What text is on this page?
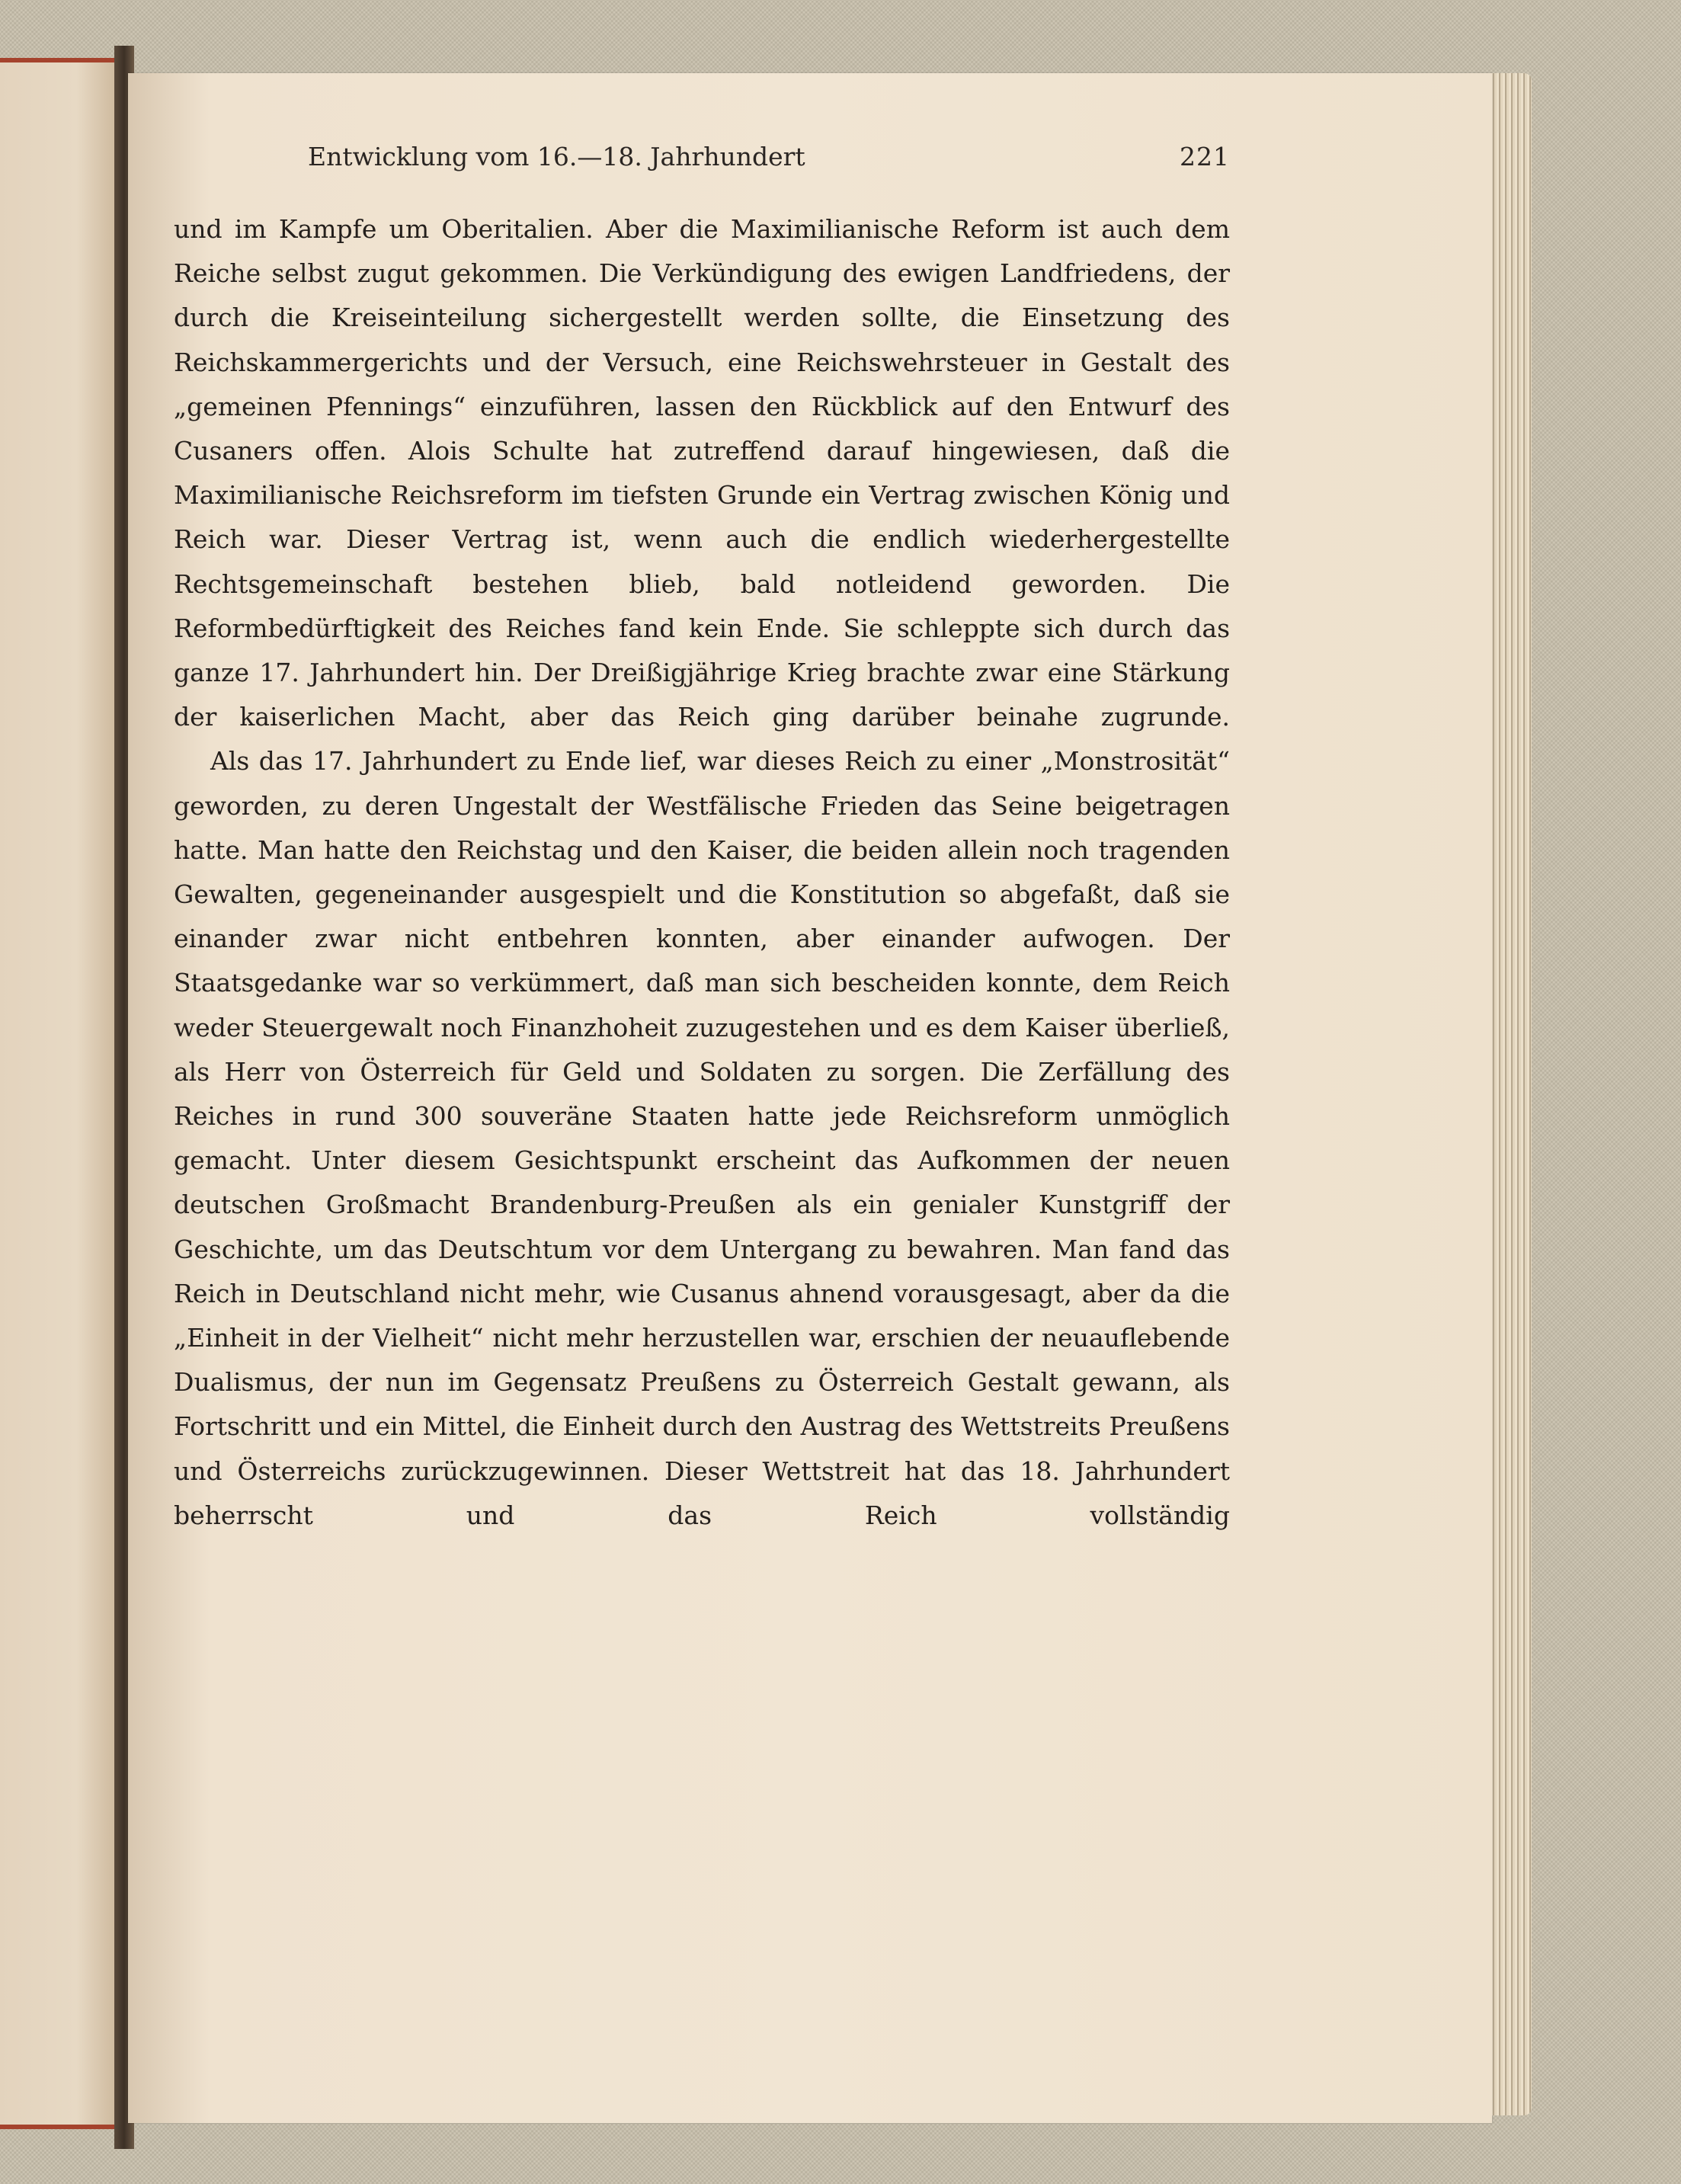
Entwicklung vom 16.—18. Jahrhundert	221

und im Kampfe um Oberitalien. Aber die Maximilianische Reform ist auch dem Reiche selbst zugut gekommen. Die Verkündigung des ewigen Landfriedens, der durch die Kreiseinteilung sichergestellt werden sollte, die Einsetzung des Reichskammergerichts und der Versuch, eine Reichswehrsteuer in Gestalt des „gemeinen Pfennings“ einzuführen, lassen den Rückblick auf den Entwurf des Cusaners offen. Alois Schulte hat zutreffend darauf hingewiesen, daß die Maximilianische Reichsreform im tiefsten Grunde ein Vertrag zwischen König und Reich war. Dieser Vertrag ist, wenn auch die endlich wiederhergestellte Rechtsgemeinschaft bestehen blieb, bald notleidend geworden. Die Reformbedürftigkeit des Reiches fand kein Ende. Sie schleppte sich durch das ganze 17. Jahrhundert hin. Der Dreißigjährige Krieg brachte zwar eine Stärkung der kaiserlichen Macht, aber das Reich ging darüber beinahe zugrunde.

Als das 17. Jahrhundert zu Ende lief, war dieses Reich zu einer „Monstrosität“ geworden, zu deren Ungestalt der Westfälische Frieden das Seine beigetragen hatte. Man hatte den Reichstag und den Kaiser, die beiden allein noch tragenden Gewalten, gegeneinander ausgespielt und die Konstitution so abgefaßt, daß sie einander zwar nicht entbehren konnten, aber einander aufwogen. Der Staatsgedanke war so verkümmert, daß man sich bescheiden konnte, dem Reich weder Steuergewalt noch Finanzhoheit zuzugestehen und es dem Kaiser überließ, als Herr von Österreich für Geld und Soldaten zu sorgen. Die Zerfällung des Reiches in rund 300 souveräne Staaten hatte jede Reichsreform unmöglich gemacht. Unter diesem Gesichtspunkt erscheint das Aufkommen der neuen deutschen Großmacht Brandenburg-Preußen als ein genialer Kunstgriff der Geschichte, um das Deutschtum vor dem Untergang zu bewahren. Man fand das Reich in Deutschland nicht mehr, wie Cusanus ahnend vorausgesagt, aber da die „Einheit in der Vielheit“ nicht mehr herzustellen war, erschien der neuauflebende Dualismus, der nun im Gegensatz Preußens zu Österreich Gestalt gewann, als Fortschritt und ein Mittel, die Einheit durch den Austrag des Wettstreits Preußens und Österreichs zurückzugewinnen. Dieser Wettstreit hat das 18. Jahrhundert beherrscht und das Reich vollständig
